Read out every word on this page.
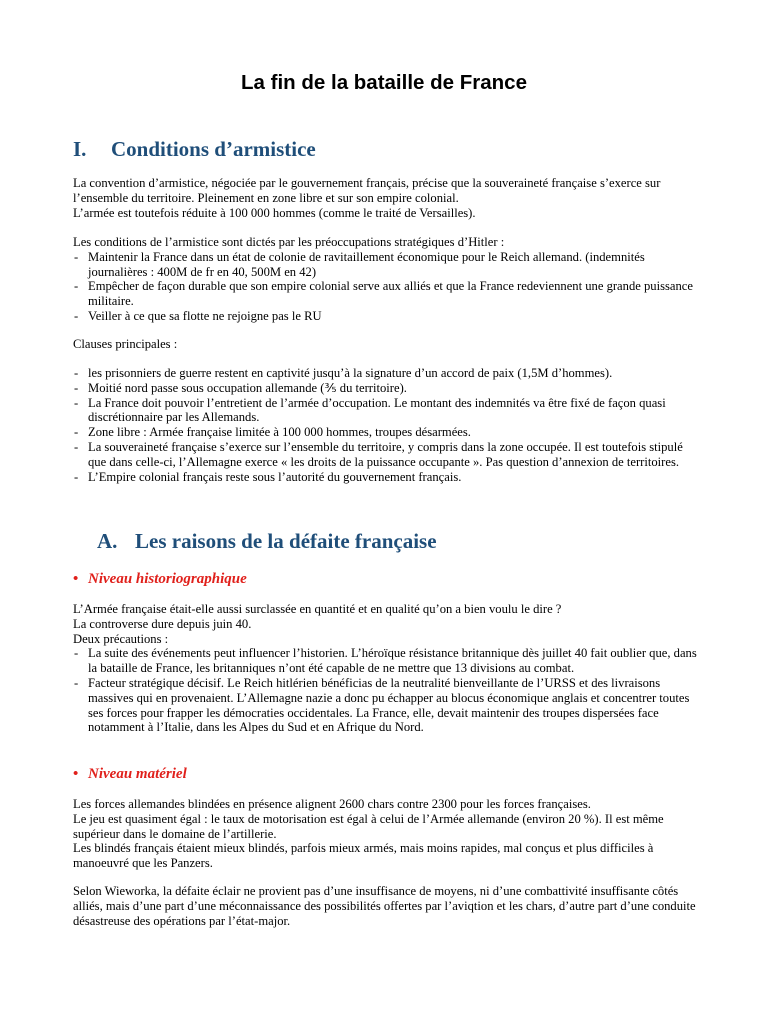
La fin de la bataille de France
I. Conditions d’armistice

La convention d’armistice, négociée par le gouvernement français, précise que la souveraineté française s’exerce sur l’ensemble du territoire. Pleinement en zone libre et sur son empire colonial.

L’armée est toutefois réduite à 100 000 hommes (comme le traité de Versailles).

Les conditions de l’armistice sont dictés par les préoccupations stratégiques d’Hitler :

- Maintenir la France dans un état de colonie de ravitaillement économique pour le Reich allemand. (indemnités journalières : 400M de fr en 40, 500M en 42)
- Empêcher de façon durable que son empire colonial serve aux alliés et que la France redeviennent une grande puissance militaire.
- Veiller à ce que sa flotte ne rejoigne pas le RU
Clauses principales :
- les prisonniers de guerre restent en captivité jusqu’à la signature d’un accord de paix (1,5M d’hommes).
- Moitié nord passe sous occupation allemande (⅗ du territoire).
- La France doit pouvoir l’entretient de l’armée d’occupation. Le montant des indemnités va être fixé de façon quasi discrétionnaire par les Allemands.
- Zone libre : Armée française limitée à 100 000 hommes, troupes désarmées.
- La souveraineté française s’exerce sur l’ensemble du territoire, y compris dans la zone occupée. Il est toutefois stipulé que dans celle-ci, l’Allemagne exerce « les droits de la puissance occupante ». Pas question d’annexion de territoires.
- L’Empire colonial français reste sous l’autorité du gouvernement français.
A. Les raisons de la défaite française
• Niveau historiographique

L’Armée française était-elle aussi surclassée en quantité et en qualité qu’on a bien voulu le dire ?

La controverse dure depuis juin 40.

Deux précautions :

- La suite des événements peut influencer l’historien. L’héroïque résistance britannique dès juillet 40 fait oublier que, dans la bataille de France, les britanniques n’ont été capable de ne mettre que 13 divisions au combat.
- Facteur stratégique décisif. Le Reich hitlérien bénéficias de la neutralité bienveillante de l’URSS et des livraisons massives qui en provenaient. L’Allemagne nazie a donc pu échapper au blocus économique anglais et concentrer toutes ses forces pour frapper les démocraties occidentales. La France, elle, devait maintenir des troupes dispersées face notamment à l’Italie, dans les Alpes du Sud et en Afrique du Nord.
• Niveau matériel

Les forces allemandes blindées en présence alignent 2600 chars contre 2300 pour les forces françaises.

Le jeu est quasiment égal : le taux de motorisation est égal à celui de l’Armée allemande (environ 20 %). Il est même supérieur dans le domaine de l’artillerie.

Les blindés français étaient mieux blindés, parfois mieux armés, mais moins rapides, mal conçus et plus difficiles à manoeuvré que les Panzers.

Selon Wieworka, la défaite éclair ne provient pas d’une insuffisance de moyens, ni d’une combattivité insuffisante côtés alliés, mais d’une part d’une méconnaissance des possibilités offertes par l’aviqtion et les chars, d’autre part d’une conduite désastreuse des opérations par l’état-major.
